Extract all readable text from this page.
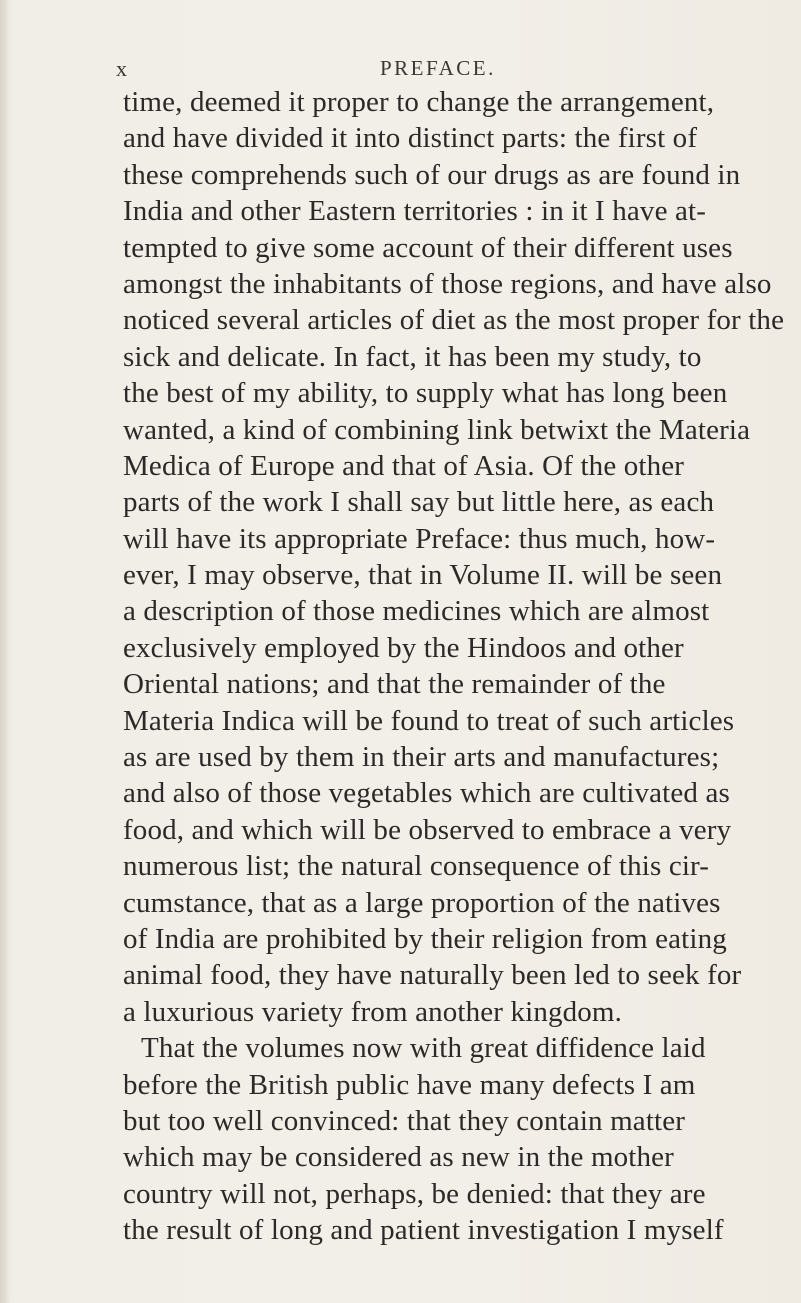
x	PREFACE.
time, deemed it proper to change the arrangement,
and have divided it into distinct parts: the first of
these comprehends such of our drugs as are found in
India and other Eastern territories : in it I have at-
tempted to give some account of their different uses
amongst the inhabitants of those regions, and have also
noticed several articles of diet as the most proper for the
sick and delicate. In fact, it has been my study, to
the best of my ability, to supply what has long been
wanted, a kind of combining link betwixt the Materia
Medica of Europe and that of Asia. Of the other
parts of the work I shall say but little here, as each
will have its appropriate Preface: thus much, how-
ever, I may observe, that in Volume II. will be seen
a description of those medicines which are almost
exclusively employed by the Hindoos and other
Oriental nations; and that the remainder of the
Materia Indica will be found to treat of such articles
as are used by them in their arts and manufactures;
and also of those vegetables which are cultivated as
food, and which will be observed to embrace a very
numerous list; the natural consequence of this cir-
cumstance, that as a large proportion of the natives
of India are prohibited by their religion from eating
animal food, they have naturally been led to seek for
a luxurious variety from another kingdom.
That the volumes now with great diffidence laid
before the British public have many defects I am
but too well convinced: that they contain matter
which may be considered as new in the mother
country will not, perhaps, be denied: that they are
the result of long and patient investigation I myself
